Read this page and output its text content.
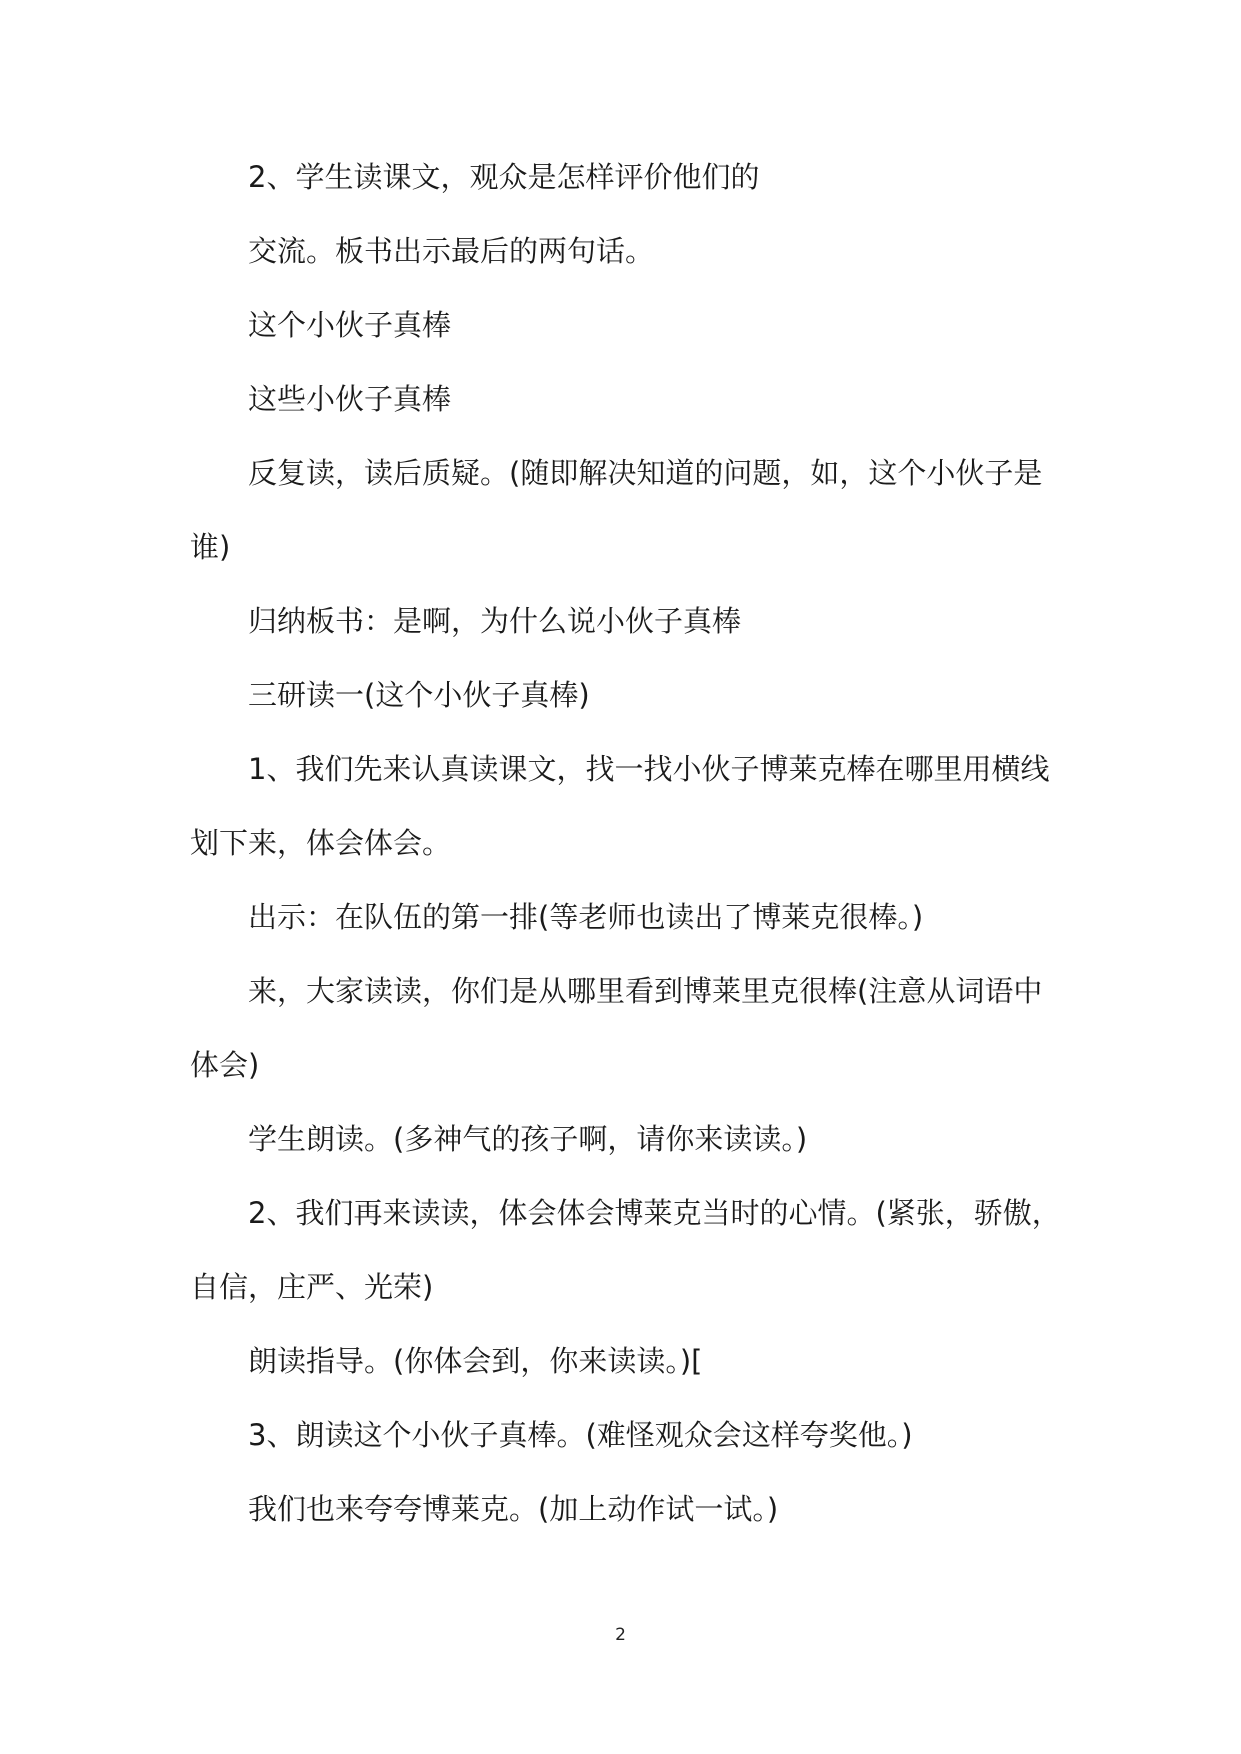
2、学生读课文，观众是怎样评价他们的

交流。板书出示最后的两句话。

这个小伙子真棒

这些小伙子真棒

反复读，读后质疑。(随即解决知道的问题，如，这个小伙子是

谁)

归纳板书：是啊，为什么说小伙子真棒

三研读一(这个小伙子真棒)

1、我们先来认真读课文，找一找小伙子博莱克棒在哪里用横线

划下来，体会体会。

出示：在队伍的第一排(等老师也读出了博莱克很棒。)

来，大家读读，你们是从哪里看到博莱里克很棒(注意从词语中

体会)

学生朗读。(多神气的孩子啊，请你来读读。)

2、我们再来读读，体会体会博莱克当时的心情。(紧张，骄傲，

自信，庄严、光荣)

朗读指导。(你体会到，你来读读。)[

3、朗读这个小伙子真棒。(难怪观众会这样夸奖他。)

我们也来夸夸博莱克。(加上动作试一试。)

2
